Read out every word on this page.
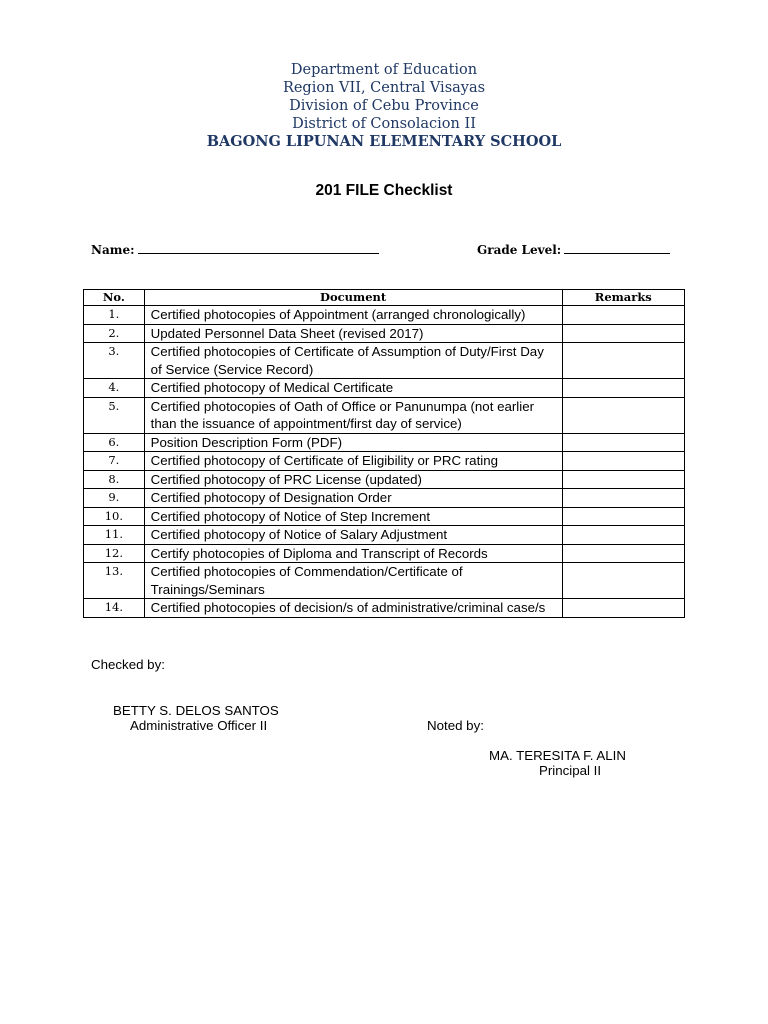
Department of Education
Region VII, Central Visayas
Division of Cebu Province
District of Consolacion II
BAGONG LIPUNAN ELEMENTARY SCHOOL
201 FILE Checklist
Name:	Grade Level:
No.	Document	Remarks
1.	Certified photocopies of Appointment (arranged chronologically)	
2.	Updated Personnel Data Sheet (revised 2017)	
3.	Certified photocopies of Certificate of Assumption of Duty/First Day of Service (Service Record)	
4.	Certified photocopy of Medical Certificate	
5.	Certified photocopies of Oath of Office or Panunumpa (not earlier than the issuance of appointment/first day of service)	
6.	Position Description Form (PDF)	
7.	Certified photocopy of Certificate of Eligibility or PRC rating	
8.	Certified photocopy of PRC License (updated)	
9.	Certified photocopy of Designation Order	
10.	Certified photocopy of Notice of Step Increment	
11.	Certified photocopy of Notice of Salary Adjustment	
12.	Certify photocopies of Diploma and Transcript of Records	
13.	Certified photocopies of Commendation/Certificate of Trainings/Seminars	
14.	Certified photocopies of decision/s of administrative/criminal case/s	
Checked by:
BETTY S. DELOS SANTOS
Administrative Officer II	Noted by:
MA. TERESITA F. ALIN
Principal II
